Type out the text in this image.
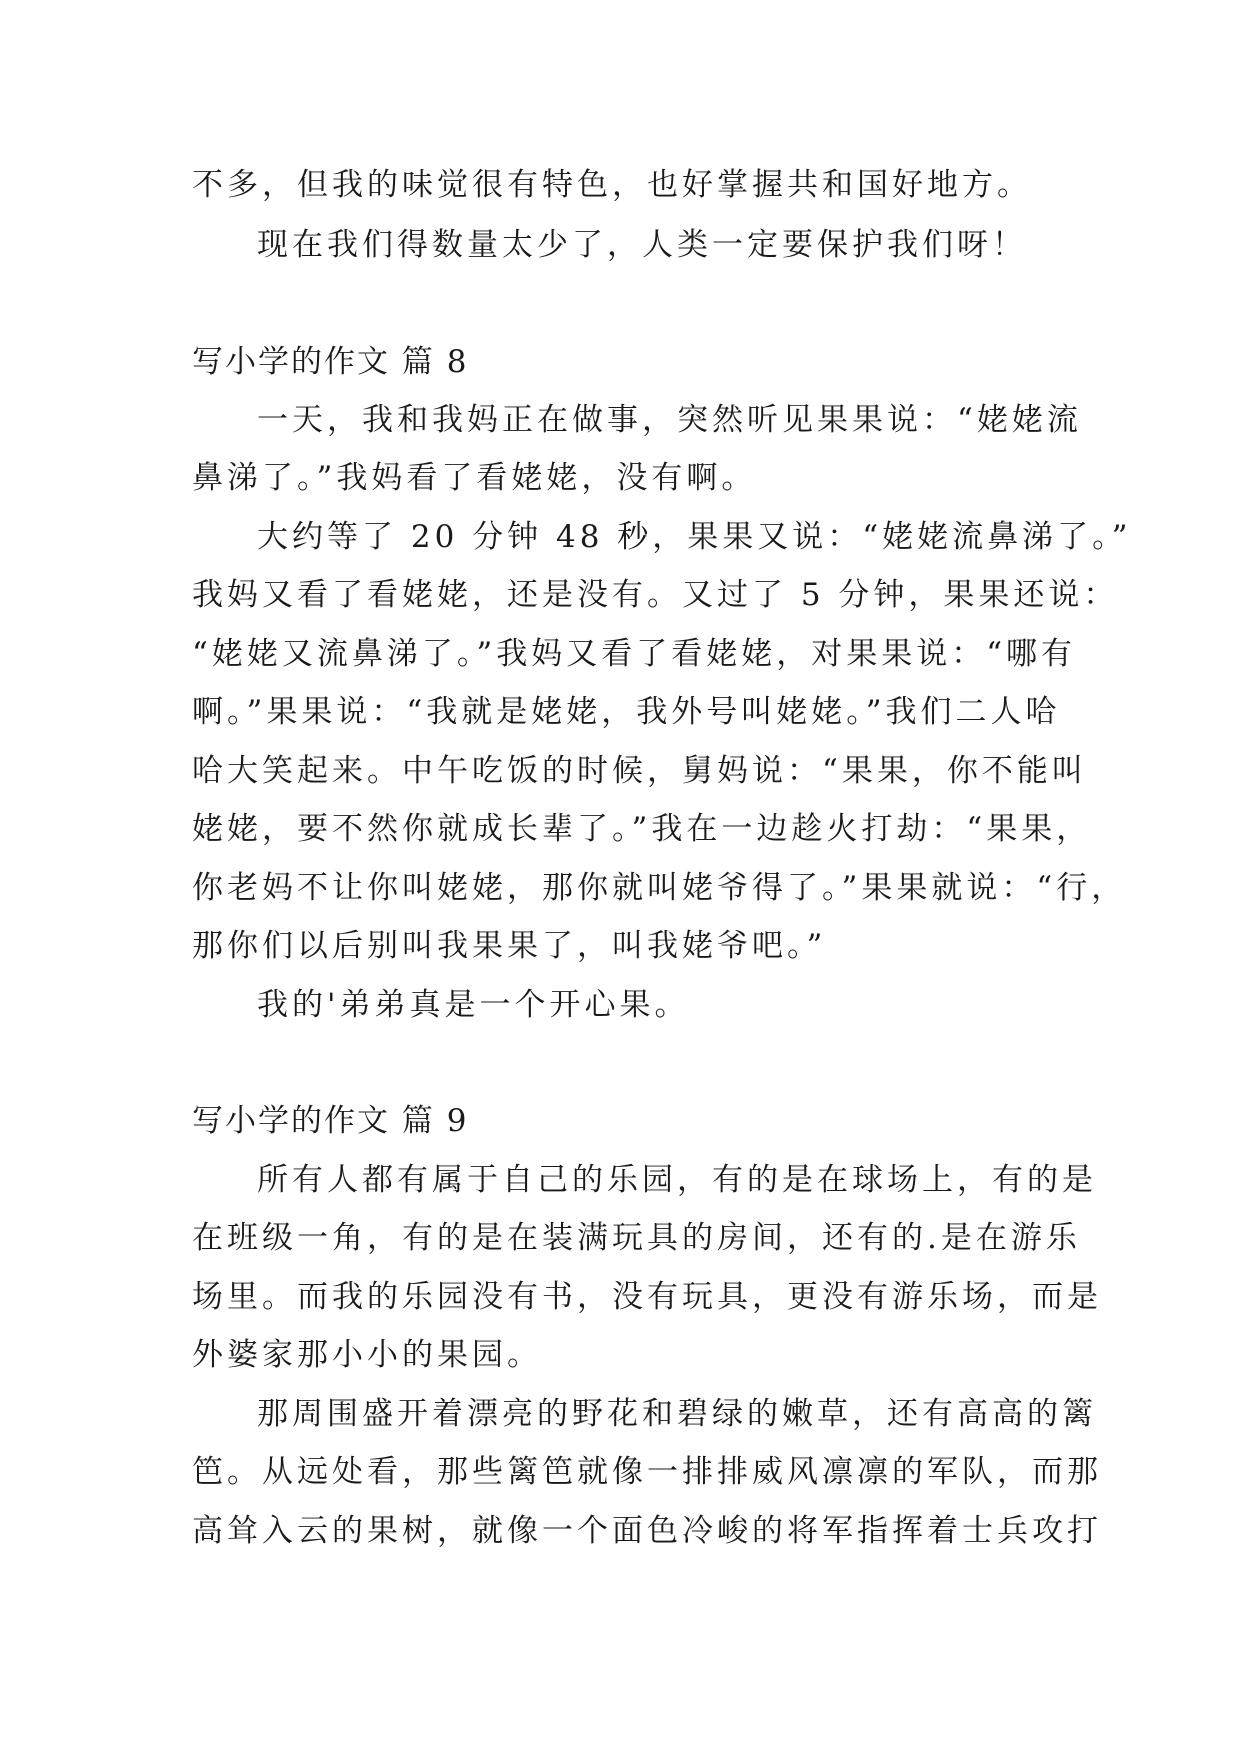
不多，但我的味觉很有特色，也好掌握共和国好地方。
现在我们得数量太少了，人类一定要保护我们呀！
写小学的作文 篇 8
一天，我和我妈正在做事，突然听见果果说：“姥姥流
鼻涕了。”我妈看了看姥姥，没有啊。
大约等了 20 分钟 48 秒，果果又说：“姥姥流鼻涕了。”
我妈又看了看姥姥，还是没有。又过了 5 分钟，果果还说：
“姥姥又流鼻涕了。”我妈又看了看姥姥，对果果说：“哪有
啊。”果果说：“我就是姥姥，我外号叫姥姥。”我们二人哈
哈大笑起来。中午吃饭的时候，舅妈说：“果果，你不能叫
姥姥，要不然你就成长辈了。”我在一边趁火打劫：“果果，
你老妈不让你叫姥姥，那你就叫姥爷得了。”果果就说：“行，
那你们以后别叫我果果了，叫我姥爷吧。”
我的'弟弟真是一个开心果。
写小学的作文 篇 9
所有人都有属于自己的乐园，有的是在球场上，有的是
在班级一角，有的是在装满玩具的房间，还有的.是在游乐
场里。而我的乐园没有书，没有玩具，更没有游乐场，而是
外婆家那小小的果园。
那周围盛开着漂亮的野花和碧绿的嫩草，还有高高的篱
笆。从远处看，那些篱笆就像一排排威风凛凛的军队，而那
高耸入云的果树，就像一个面色冷峻的将军指挥着士兵攻打
